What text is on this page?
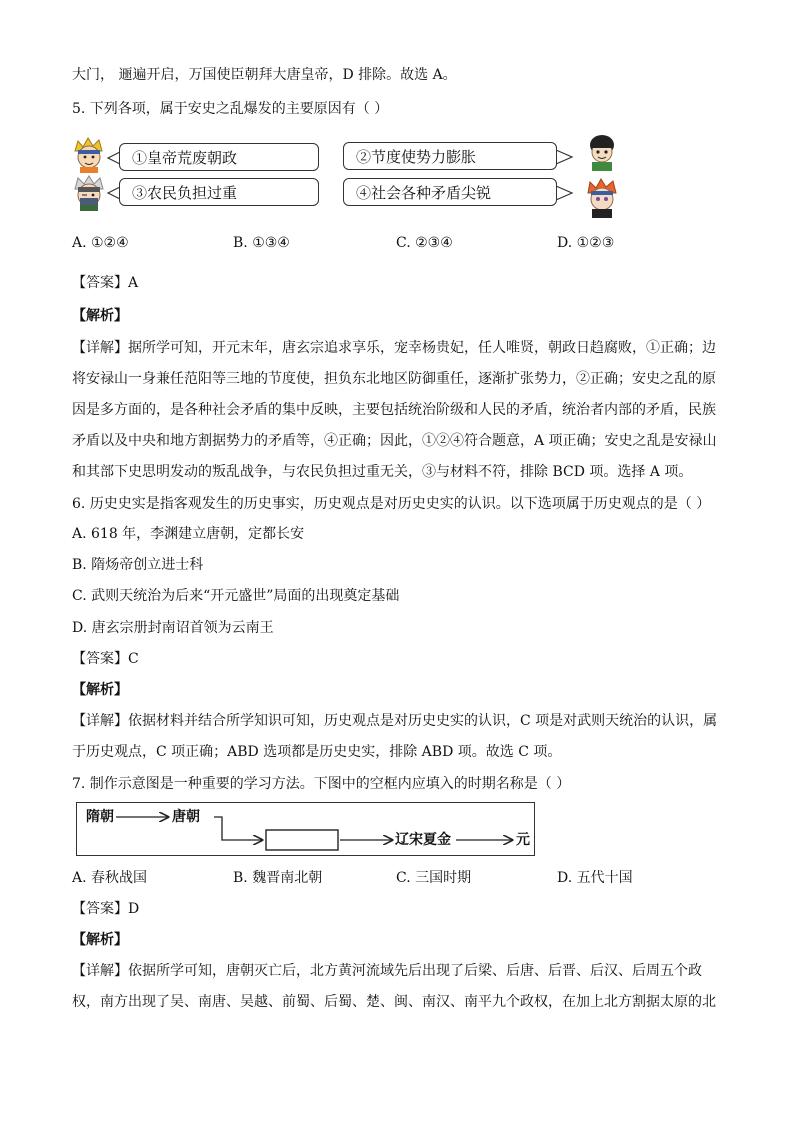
大门， 逦遍开启，万国使臣朝拜大唐皇帝，D 排除。故选 A。
5. 下列各项，属于安史之乱爆发的主要原因有（ ）
①皇帝荒废朝政
③农民负担过重
②节度使势力膨胀
④社会各种矛盾尖锐
A. ①②④	B. ①③④	C. ②③④	D. ①②③
【答案】A
【解析】
【详解】据所学可知，开元末年，唐玄宗追求享乐，宠幸杨贵妃，任人唯贤，朝政日趋腐败，①正确；边
将安禄山一身兼任范阳等三地的节度使，担负东北地区防御重任，逐渐扩张势力，②正确；安史之乱的原
因是多方面的，是各种社会矛盾的集中反映，主要包括统治阶级和人民的矛盾，统治者内部的矛盾，民族
矛盾以及中央和地方割据势力的矛盾等，④正确；因此，①②④符合题意，A 项正确；安史之乱是安禄山
和其部下史思明发动的叛乱战争，与农民负担过重无关，③与材料不符，排除 BCD 项。选择 A 项。
6. 历史史实是指客观发生的历史事实，历史观点是对历史史实的认识。以下选项属于历史观点的是（ ）
A. 618 年，李渊建立唐朝，定都长安
B. 隋炀帝创立进士科
C. 武则天统治为后来“开元盛世”局面的出现奠定基础
D. 唐玄宗册封南诏首领为云南王
【答案】C
【解析】
【详解】依据材料并结合所学知识可知，历史观点是对历史史实的认识，C 项是对武则天统治的认识，属
于历史观点，C 项正确；ABD 选项都是历史史实，排除 ABD 项。故选 C 项。
7. 制作示意图是一种重要的学习方法。下图中的空框内应填入的时期名称是（ ）
隋朝	唐朝
辽宋夏金	元
A. 春秋战国	B. 魏晋南北朝	C. 三国时期	D. 五代十国
【答案】D
【解析】
【详解】依据所学可知，唐朝灭亡后，北方黄河流域先后出现了后梁、后唐、后晋、后汉、后周五个政
权，南方出现了吴、南唐、吴越、前蜀、后蜀、楚、闽、南汉、南平九个政权，在加上北方割据太原的北
